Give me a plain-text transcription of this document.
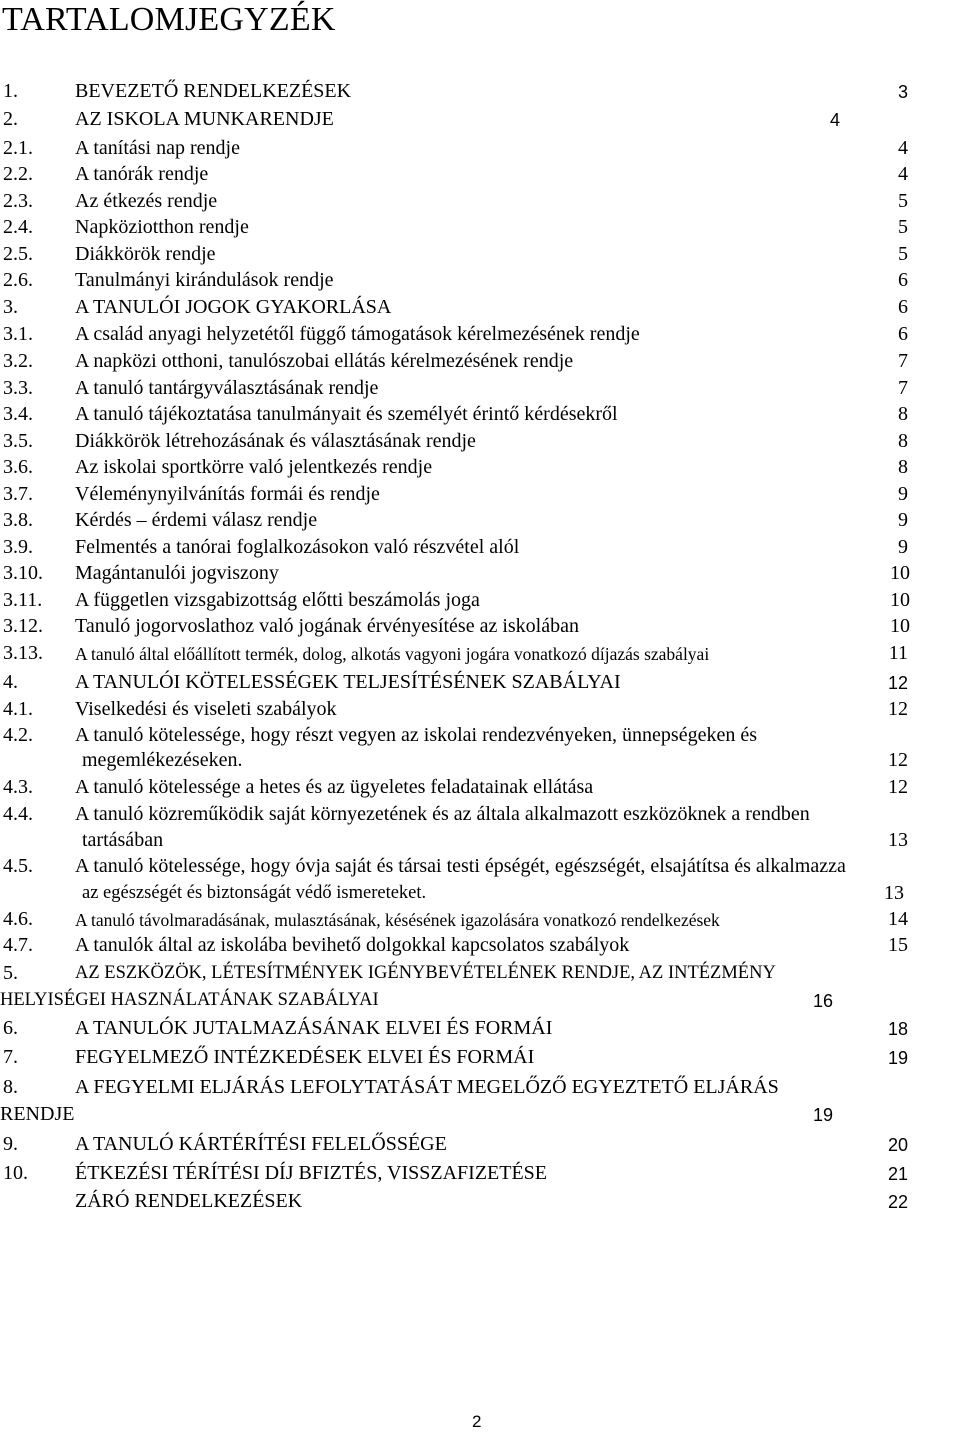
TARTALOMJEGYZÉK
1.	BEVEZETŐ RENDELKEZÉSEK	3
2.	AZ ISKOLA MUNKARENDJE	4
2.1. A tanítási nap rendje	4
2.2. A tanórák rendje	4
2.3. Az étkezés rendje	5
2.4. Napköziotthon rendje	5
2.5. Diákkörök rendje	5
2.6. Tanulmányi kirándulások rendje	6
3.	A TANULÓI JOGOK GYAKORLÁSA	6
3.1. A család anyagi helyzetétől függő támogatások kérelmezésének rendje	6
3.2. A napközi otthoni, tanulószobai ellátás kérelmezésének rendje	7
3.3. A tanuló tantárgyválasztásának rendje	7
3.4. A tanuló tájékoztatása tanulmányait és személyét érintő kérdésekről	8
3.5. Diákkörök létrehozásának és választásának rendje	8
3.6. Az iskolai sportkörre való jelentkezés rendje	8
3.7. Véleménynyilvánítás formái és rendje	9
3.8. Kérdés – érdemi válasz rendje	9
3.9. Felmentés a tanórai foglalkozásokon való részvétel alól	9
3.10. Magántanulói jogviszony	10
3.11. A független vizsgabizottság előtti beszámolás joga	10
3.12. Tanuló jogorvoslathoz való jogának érvényesítése az iskolában	10
3.13. A tanuló által előállított termék, dolog, alkotás vagyoni jogára vonatkozó díjazás szabályai	11
4.	A TANULÓI KÖTELESSÉGEK TELJESÍTÉSÉNEK SZABÁLYAI	12
4.1. Viselkedési és viseleti szabályok	12
4.2. A tanuló kötelessége, hogy részt vegyen az iskolai rendezvényeken, ünnepségeken és
megemlékezéseken.	12
4.3. A tanuló kötelessége a hetes és az ügyeletes feladatainak ellátása	12
4.4. A tanuló közreműködik saját környezetének és az általa alkalmazott eszközöknek a rendben
tartásában	13
4.5. A tanuló kötelessége, hogy óvja saját és társai testi épségét, egészségét, elsajátítsa és alkalmazza
az egészségét és biztonságát védő ismereteket.	13
4.6. A tanuló távolmaradásának, mulasztásának, késésének igazolására vonatkozó rendelkezések	14
4.7. A tanulók által az iskolába bevihető dolgokkal kapcsolatos szabályok	15
5.	AZ ESZKÖZÖK, LÉTESÍTMÉNYEK IGÉNYBEVÉTELÉNEK RENDJE, AZ INTÉZMÉNY
HELYISÉGEI HASZNÁLATÁNAK SZABÁLYAI	16
6.	A TANULÓK JUTALMAZÁSÁNAK ELVEI ÉS FORMÁI	18
7.	FEGYELMEZŐ INTÉZKEDÉSEK ELVEI ÉS FORMÁI	19
8.	A FEGYELMI ELJÁRÁS LEFOLYTATÁSÁT MEGELŐZŐ EGYEZTETŐ ELJÁRÁS
RENDJE	19
9.	A TANULÓ KÁRTÉRÍTÉSI FELELŐSSÉGE	20
10. ÉTKEZÉSI TÉRÍTÉSI DÍJ BFIZTÉS, VISSZAFIZETÉSE	21
ZÁRÓ RENDELKEZÉSEK	22
2
